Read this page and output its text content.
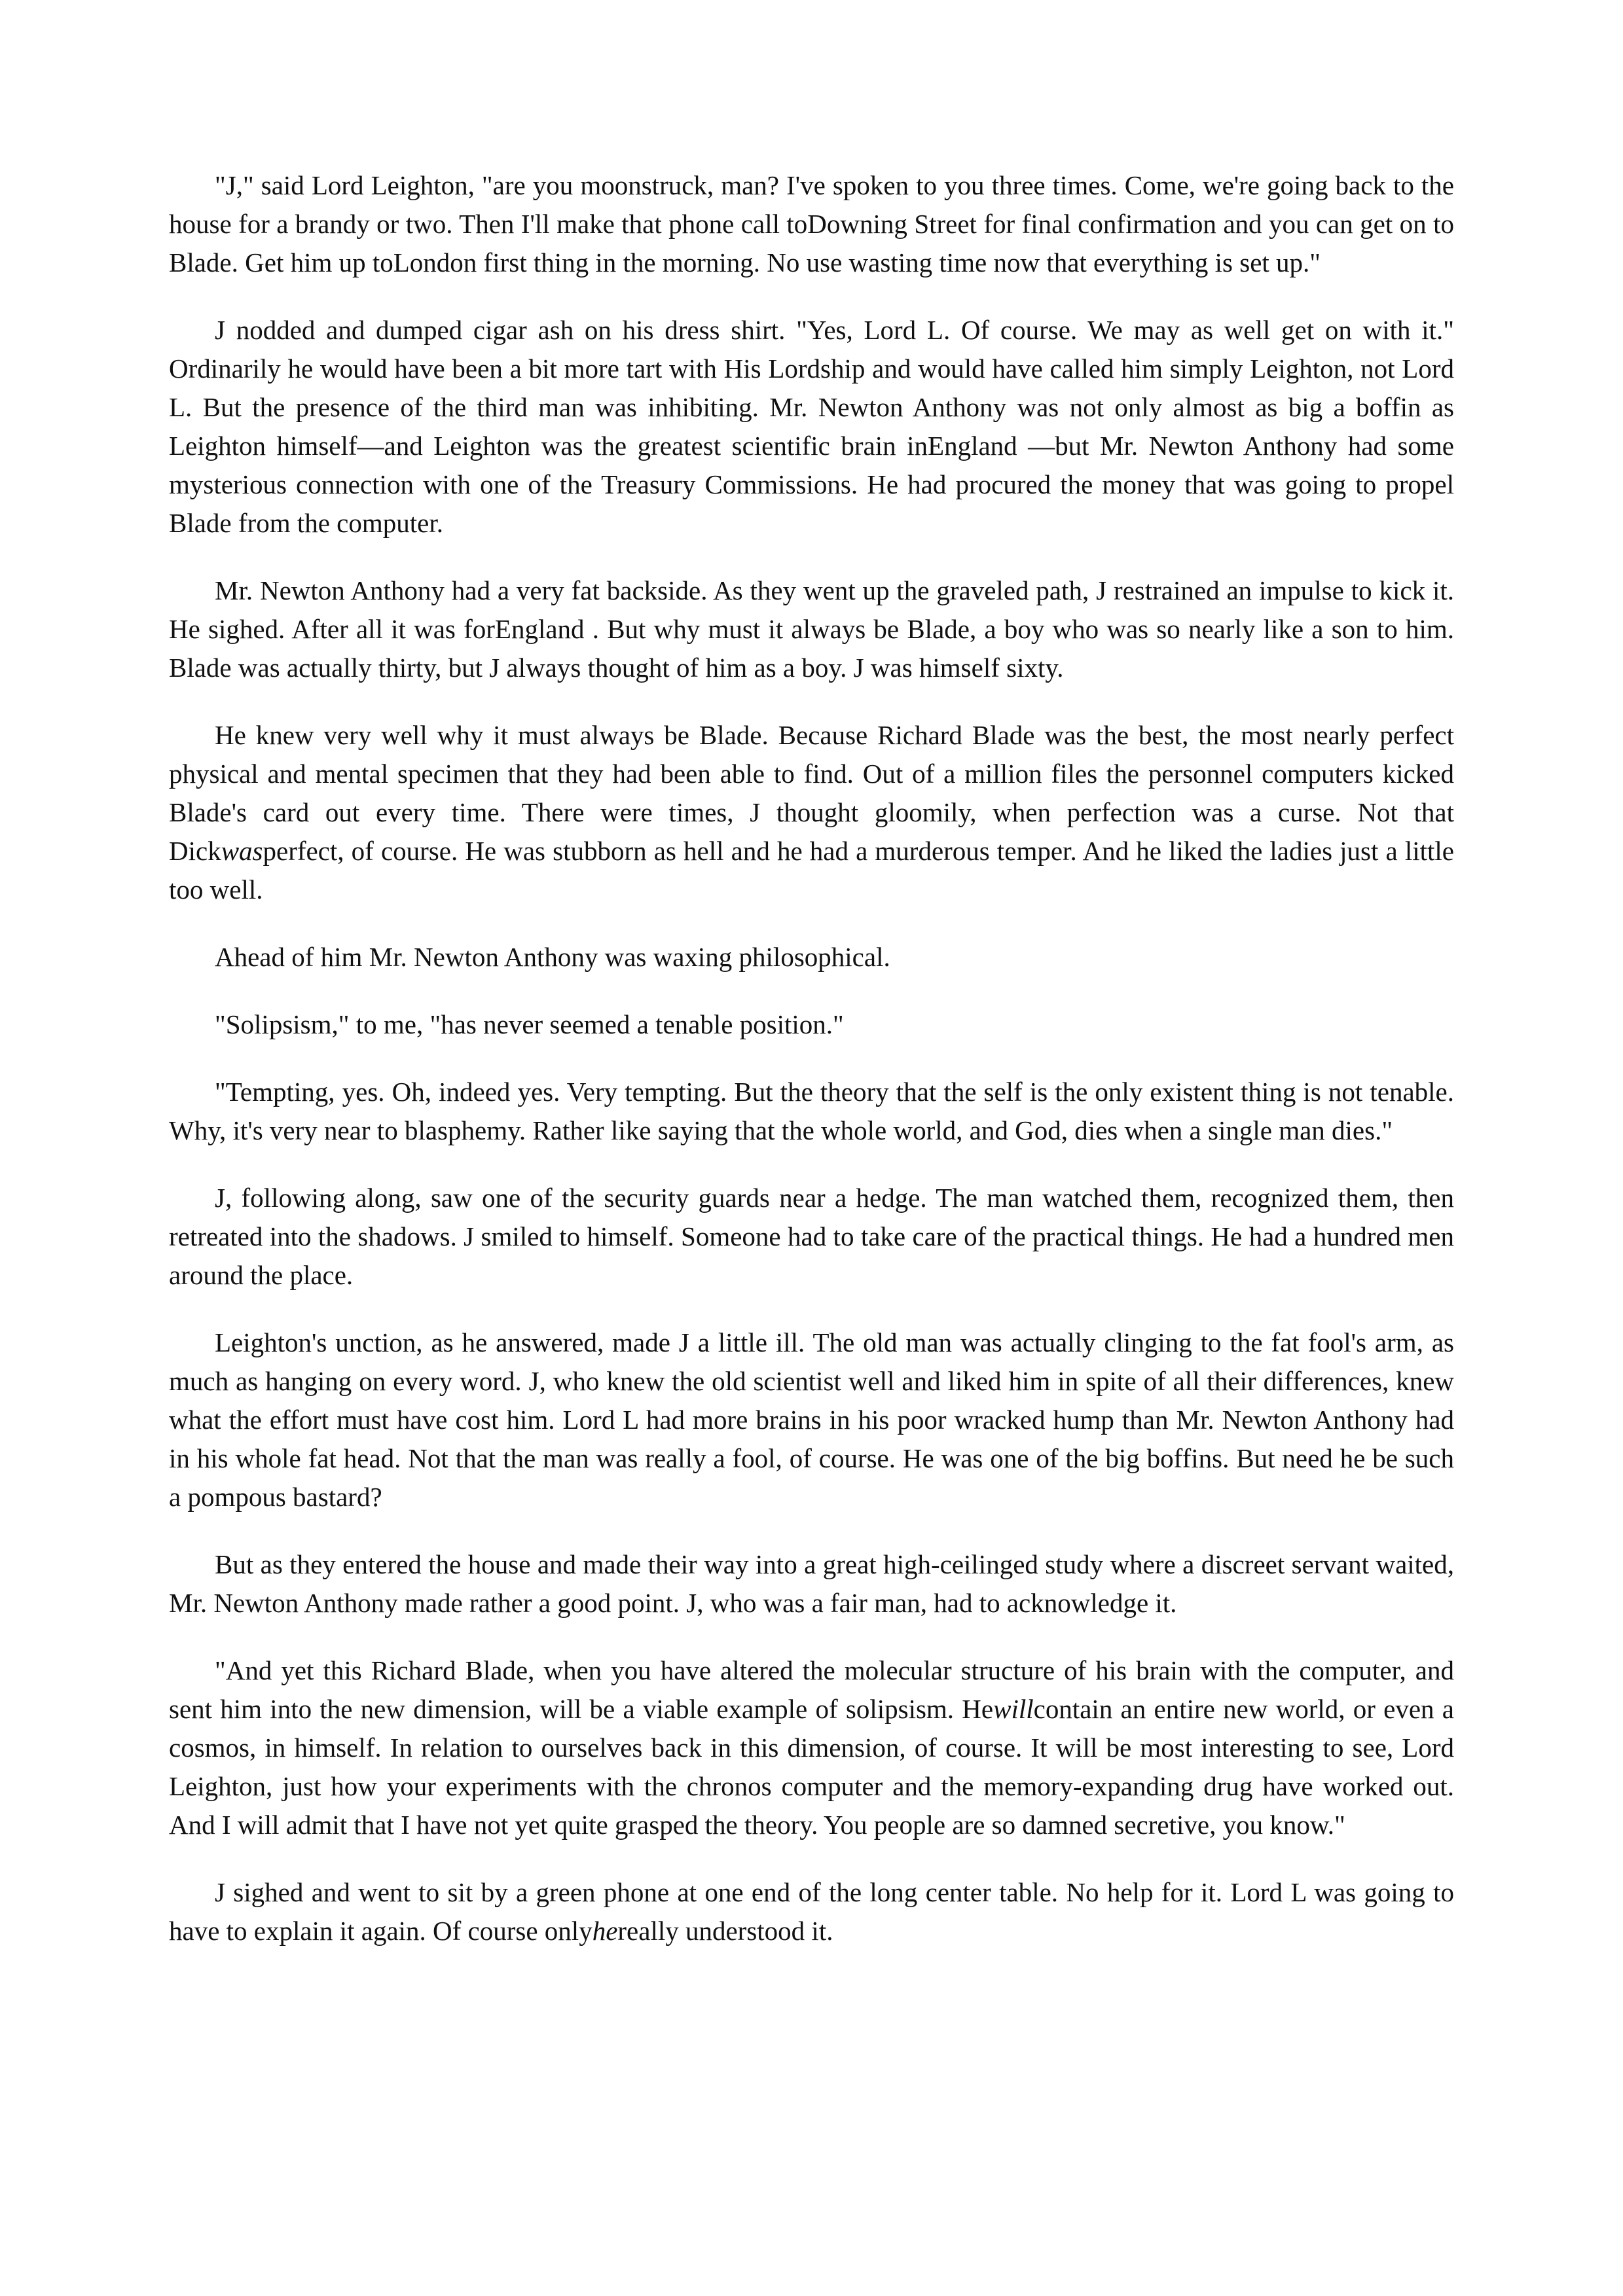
"J," said Lord Leighton, "are you moonstruck, man? I've spoken to you three times. Come, we're going back to the house for a brandy or two. Then I'll make that phone call toDowning Street for final confirmation and you can get on to Blade. Get him up toLondon first thing in the morning. No use wasting time now that everything is set up."

J nodded and dumped cigar ash on his dress shirt. "Yes, Lord L. Of course. We may as well get on with it." Ordinarily he would have been a bit more tart with His Lordship and would have called him simply Leighton, not Lord L. But the presence of the third man was inhibiting. Mr. Newton Anthony was not only almost as big a boffin as Leighton himself—and Leighton was the greatest scientific brain inEngland —but Mr. Newton Anthony had some mysterious connection with one of the Treasury Commissions. He had procured the money that was going to propel Blade from the computer.

Mr. Newton Anthony had a very fat backside. As they went up the graveled path, J restrained an impulse to kick it. He sighed. After all it was forEngland . But why must it always be Blade, a boy who was so nearly like a son to him. Blade was actually thirty, but J always thought of him as a boy. J was himself sixty.

He knew very well why it must always be Blade. Because Richard Blade was the best, the most nearly perfect physical and mental specimen that they had been able to find. Out of a million files the personnel computers kicked Blade's card out every time. There were times, J thought gloomily, when perfection was a curse. Not that Dickwasperfect, of course. He was stubborn as hell and he had a murderous temper. And he liked the ladies just a little too well.

Ahead of him Mr. Newton Anthony was waxing philosophical.

"Solipsism," to me, "has never seemed a tenable position."

"Tempting, yes. Oh, indeed yes. Very tempting. But the theory that the self is the only existent thing is not tenable. Why, it's very near to blasphemy. Rather like saying that the whole world, and God, dies when a single man dies."

J, following along, saw one of the security guards near a hedge. The man watched them, recognized them, then retreated into the shadows. J smiled to himself. Someone had to take care of the practical things. He had a hundred men around the place.

Leighton's unction, as he answered, made J a little ill. The old man was actually clinging to the fat fool's arm, as much as hanging on every word. J, who knew the old scientist well and liked him in spite of all their differences, knew what the effort must have cost him. Lord L had more brains in his poor wracked hump than Mr. Newton Anthony had in his whole fat head. Not that the man was really a fool, of course. He was one of the big boffins. But need he be such a pompous bastard?

But as they entered the house and made their way into a great high-ceilinged study where a discreet servant waited, Mr. Newton Anthony made rather a good point. J, who was a fair man, had to acknowledge it.

"And yet this Richard Blade, when you have altered the molecular structure of his brain with the computer, and sent him into the new dimension, will be a viable example of solipsism. Hewillcontain an entire new world, or even a cosmos, in himself. In relation to ourselves back in this dimension, of course. It will be most interesting to see, Lord Leighton, just how your experiments with the chronos computer and the memory-expanding drug have worked out. And I will admit that I have not yet quite grasped the theory. You people are so damned secretive, you know."

J sighed and went to sit by a green phone at one end of the long center table. No help for it. Lord L was going to have to explain it again. Of course onlyhereally understood it.
